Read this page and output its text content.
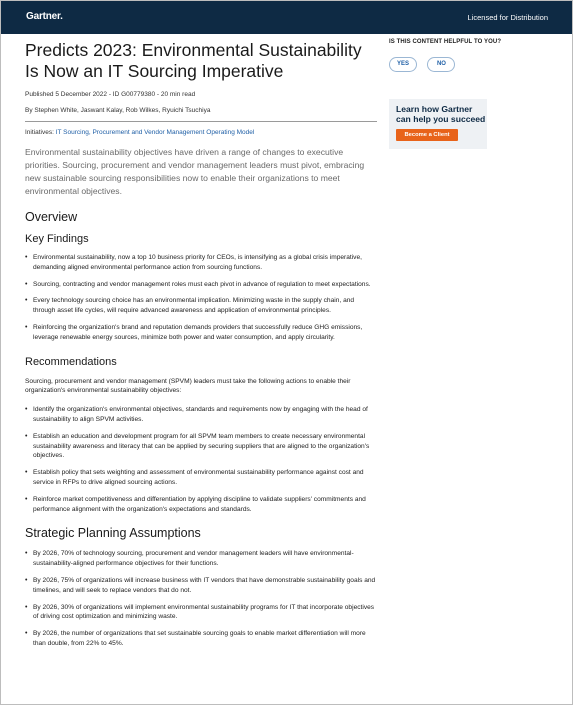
Gartner.	Licensed for Distribution
Predicts 2023: Environmental Sustainability Is Now an IT Sourcing Imperative
Published 5 December 2022 - ID G00779380 - 20 min read
By Stephen White, Jaswant Kalay, Rob Wilkes, Ryuichi Tsuchiya
Initiatives: IT Sourcing, Procurement and Vendor Management Operating Model
Environmental sustainability objectives have driven a range of changes to executive priorities. Sourcing, procurement and vendor management leaders must pivot, embracing new sustainable sourcing responsibilities now to enable their organizations to meet environmental objectives.
Overview
Key Findings
• Environmental sustainability, now a top 10 business priority for CEOs, is intensifying as a global crisis imperative, demanding aligned environmental performance action from sourcing functions.
• Sourcing, contracting and vendor management roles must each pivot in advance of regulation to meet expectations.
• Every technology sourcing choice has an environmental implication. Minimizing waste in the supply chain, and through asset life cycles, will require advanced awareness and application of environmental principles.
• Reinforcing the organization's brand and reputation demands providers that successfully reduce GHG emissions, leverage renewable energy sources, minimize both power and water consumption, and apply circularity.
Recommendations

Sourcing, procurement and vendor management (SPVM) leaders must take the following actions to enable their organization's environmental sustainability objectives:

• Identify the organization's environmental objectives, standards and requirements now by engaging with the head of sustainability to align SPVM activities.
• Establish an education and development program for all SPVM team members to create necessary environmental sustainability awareness and literacy that can be applied by securing suppliers that are aligned to the organization's objectives.
• Establish policy that sets weighting and assessment of environmental sustainability performance against cost and service in RFPs to drive aligned sourcing actions.
• Reinforce market competitiveness and differentiation by applying discipline to validate suppliers' commitments and performance alignment with the organization's expectations and standards.
Strategic Planning Assumptions
• By 2026, 70% of technology sourcing, procurement and vendor management leaders will have environmental-sustainability-aligned performance objectives for their functions.
• By 2026, 75% of organizations will increase business with IT vendors that have demonstrable sustainability goals and timelines, and will seek to replace vendors that do not.
• By 2026, 30% of organizations will implement environmental sustainability programs for IT that incorporate objectives of driving cost optimization and minimizing waste.
• By 2026, the number of organizations that set sustainable sourcing goals to enable market differentiation will more than double, from 22% to 45%.
IS THIS CONTENT HELPFUL TO YOU?
YES	NO
Learn how Gartner can help you succeed
Become a Client
